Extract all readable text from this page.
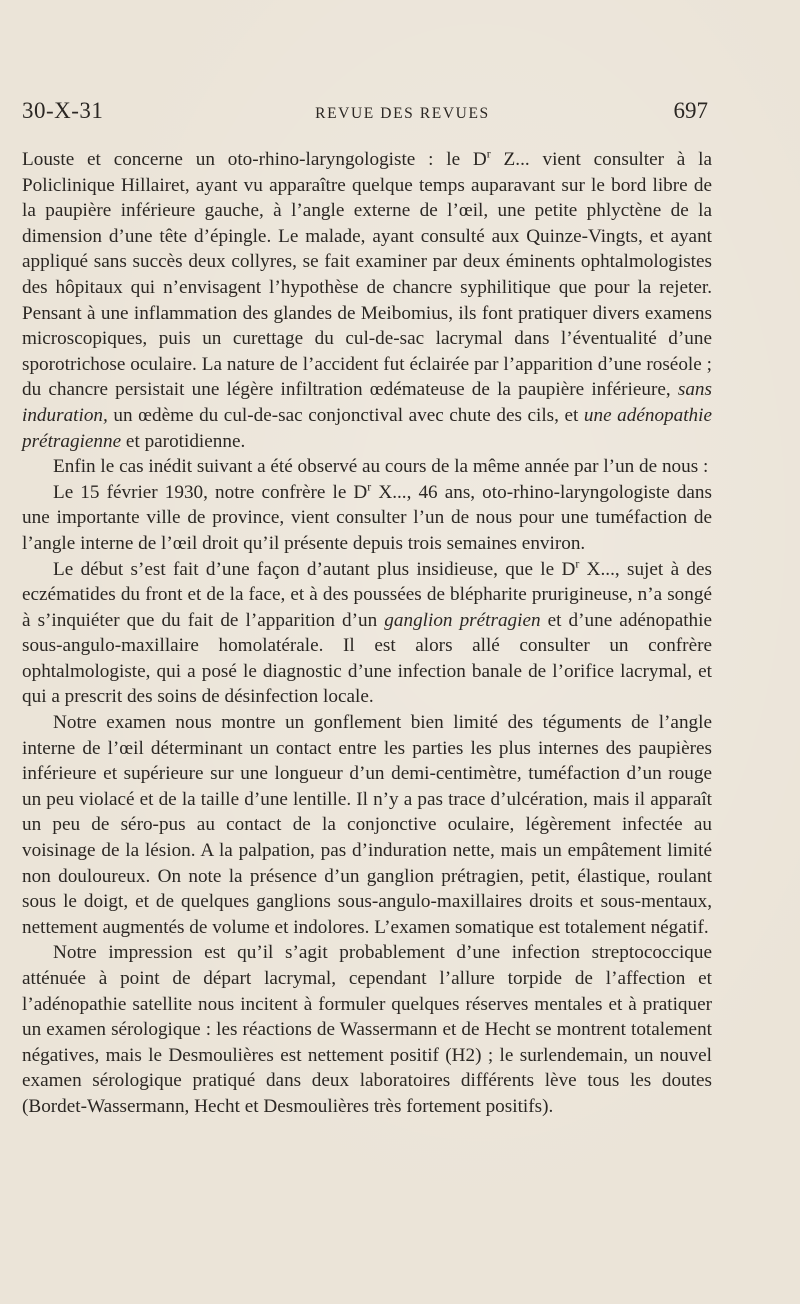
30-X-31	REVUE DES REVUES	697

Louste et concerne un oto-rhino-laryngologiste : le $D^r$ Z... vient consulter à la Policlinique Hillairet, ayant vu apparaître quelque temps auparavant sur le bord libre de la paupière inférieure gauche, à l’angle externe de l’œil, une petite phlyctène de la dimension d’une tête d’épingle. Le malade, ayant consulté aux Quinze-Vingts, et ayant appliqué sans succès deux collyres, se fait examiner par deux éminents ophtalmologistes des hôpitaux qui n’envisagent l’hypothèse de chancre syphilitique que pour la rejeter. Pensant à une inflammation des glandes de Meibomius, ils font pratiquer divers examens microscopiques, puis un curettage du cul-de-sac lacrymal dans l’éventualité d’une sporotrichose oculaire. La nature de l’accident fut éclairée par l’apparition d’une roséole ; du chancre persistait une légère infiltration œdémateuse de la paupière inférieure, sans induration, un œdème du cul-de-sac conjonctival avec chute des cils, et une adénopathie prétragienne et parotidienne.

Enfin le cas inédit suivant a été observé au cours de la même année par l’un de nous :

Le 15 février 1930, notre confrère le $D^r$ X..., 46 ans, oto-rhino-laryngologiste dans une importante ville de province, vient consulter l’un de nous pour une tuméfaction de l’angle interne de l’œil droit qu’il présente depuis trois semaines environ.

Le début s’est fait d’une façon d’autant plus insidieuse, que le $D^r$ X..., sujet à des eczématides du front et de la face, et à des poussées de blépharite prurigineuse, n’a songé à s’inquiéter que du fait de l’apparition d’un ganglion prétragien et d’une adénopathie sous-angulo-maxillaire homolatérale. Il est alors allé consulter un confrère ophtalmologiste, qui a posé le diagnostic d’une infection banale de l’orifice lacrymal, et qui a prescrit des soins de désinfection locale.

Notre examen nous montre un gonflement bien limité des téguments de l’angle interne de l’œil déterminant un contact entre les parties les plus internes des paupières inférieure et supérieure sur une longueur d’un demi-centimètre, tuméfaction d’un rouge un peu violacé et de la taille d’une lentille. Il n’y a pas trace d’ulcération, mais il apparaît un peu de séro-pus au contact de la conjonctive oculaire, légèrement infectée au voisinage de la lésion. A la palpation, pas d’induration nette, mais un empâtement limité non douloureux. On note la présence d’un ganglion prétragien, petit, élastique, roulant sous le doigt, et de quelques ganglions sous-angulo-maxillaires droits et sous-mentaux, nettement augmentés de volume et indolores. L’examen somatique est totalement négatif.

Notre impression est qu’il s’agit probablement d’une infection streptococcique atténuée à point de départ lacrymal, cependant l’allure torpide de l’affection et l’adénopathie satellite nous incitent à formuler quelques réserves mentales et à pratiquer un examen sérologique : les réactions de Wassermann et de Hecht se montrent totalement négatives, mais le Desmoulières est nettement positif (H2) ; le surlendemain, un nouvel examen sérologique pratiqué dans deux laboratoires différents lève tous les doutes (Bordet-Wassermann, Hecht et Desmoulières très fortement positifs).
